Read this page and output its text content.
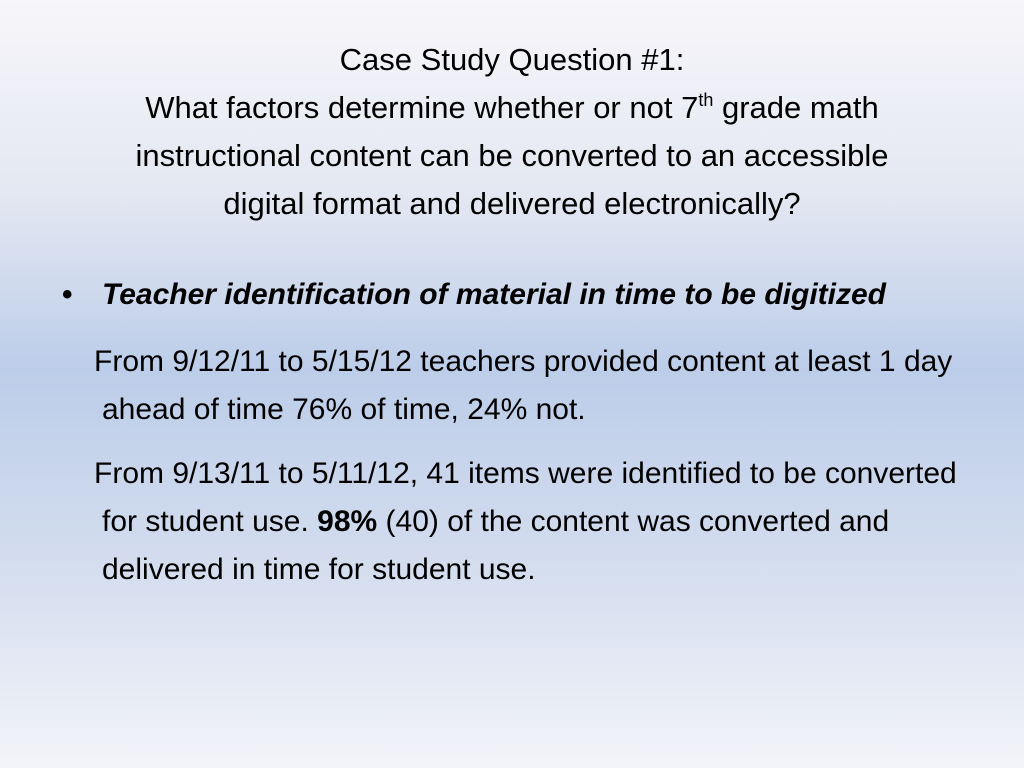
Case Study Question #1:
What factors determine whether or not 7th grade math
instructional content can be converted to an accessible
digital format and delivered electronically?
• Teacher identification of material in time to be digitized
From 9/12/11 to 5/15/12 teachers provided content at least 1 day ahead of time 76% of time, 24% not.
From 9/13/11 to 5/11/12, 41 items were identified to be converted for student use. 98% (40) of the content was converted and delivered in time for student use.
